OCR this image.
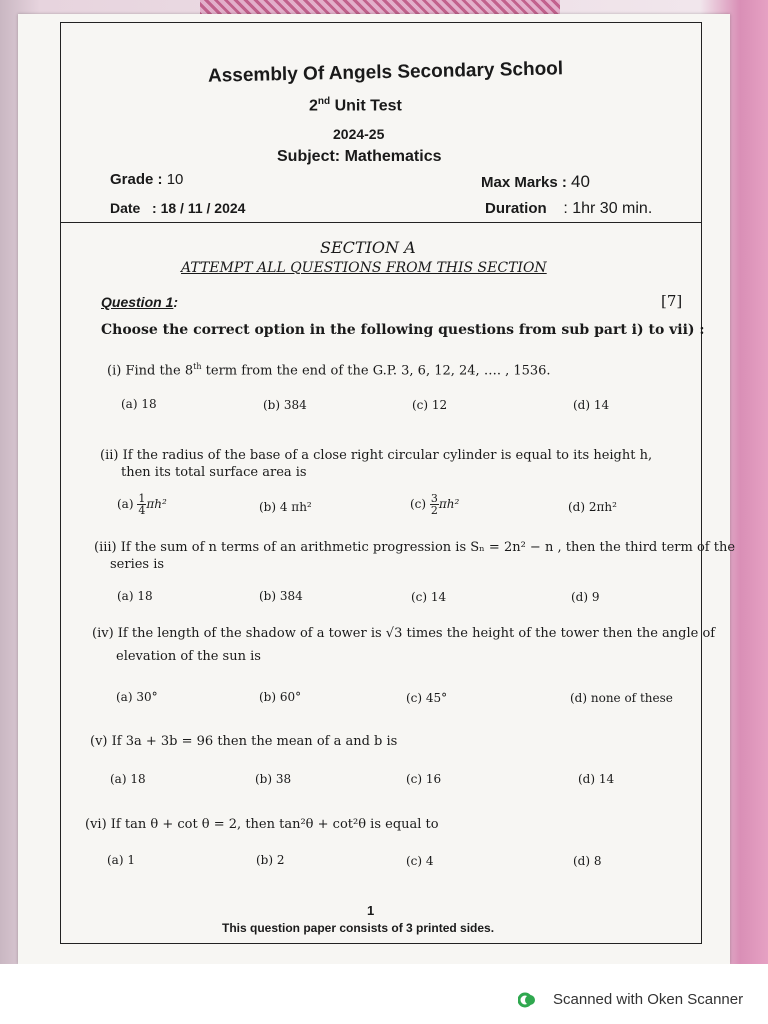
Assembly Of Angels Secondary School
2nd Unit Test
2024-25
Subject: Mathematics
Grade : 10	Max Marks : 40
Date : 18 / 11 / 2024	Duration : 1hr 30 min.
SECTION A
ATTEMPT ALL QUESTIONS FROM THIS SECTION
Question 1:	[7]
Choose the correct option in the following questions from sub part i) to vii) :
(i) Find the 8th term from the end of the G.P. 3, 6, 12, 24, …. , 1536.
(a) 18	(b) 384	(c) 12	(d) 14
(ii) If the radius of the base of a close right circular cylinder is equal to its height h,
then its total surface area is
$(a) \frac{1}{4} \pi h^2$	(b) 4 πh²	$(c) \frac{3}{2} \pi h^2$	(d) 2πh²
(iii) If the sum of n terms of an arithmetic progression is Sₙ = 2n² − n , then the third term of the
series is
(a) 18	(b) 384	(c) 14	(d) 9
(iv) If the length of the shadow of a tower is √3 times the height of the tower then the angle of
elevation of the sun is
(a) 30°	(b) 60°	(c) 45°	(d) none of these
(v) If 3a + 3b = 96 then the mean of a and b is
(a) 18	(b) 38	(c) 16	(d) 14
(vi) If tan θ + cot θ = 2, then tan²θ + cot²θ is equal to
(a) 1	(b) 2	(c) 4	(d) 8
1
This question paper consists of 3 printed sides.
Scanned with Oken Scanner
